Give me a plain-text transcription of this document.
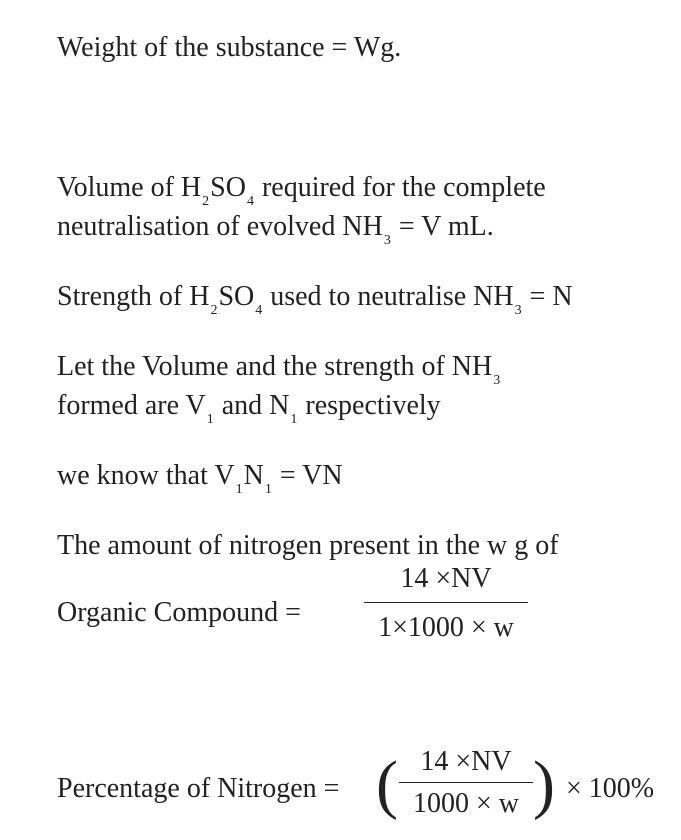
Weight of the substance = Wg.
Volume of $H_2SO_4$ required for the complete
neutralisation of evolved $NH_3 = V$ mL.
Strength of $H_2SO_4$ used to neutralise $NH_3 = N$
Let the Volume and the strength of $NH_3$
formed are $V_1$ and $N_1$ respectively
we know that $V_1N_1$ = VN
The amount of nitrogen present in the w g of
Organic Compound =
14 ×NV
1×1000 × w
Percentage of Nitrogen = ( 14 ×NV
1000 × w ) × 100%
